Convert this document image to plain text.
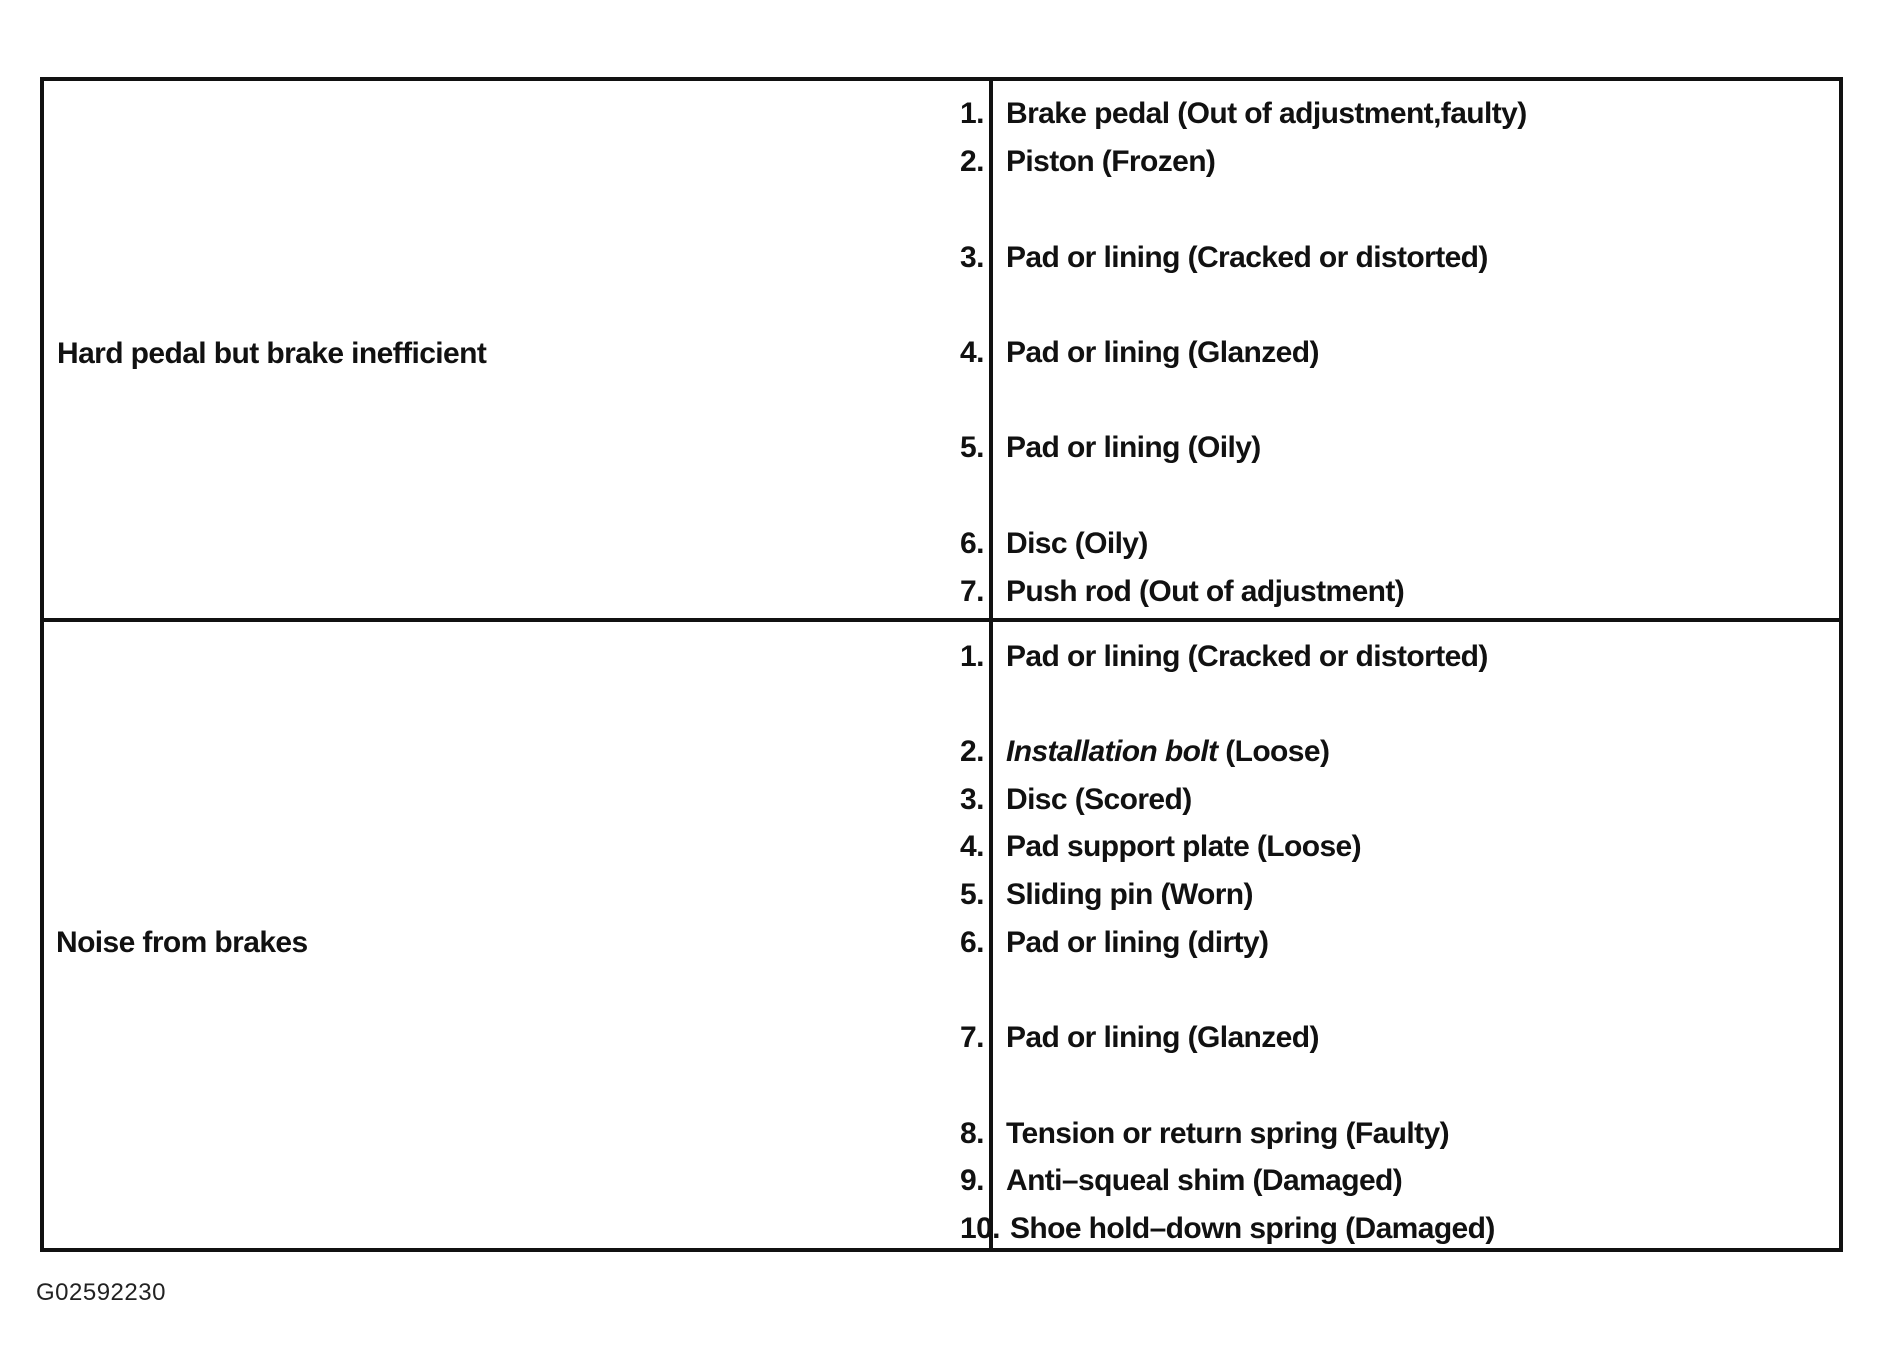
Hard pedal but brake inefficient
1. Brake pedal (Out of adjustment,faulty)
2. Piston (Frozen)
3. Pad or lining (Cracked or distorted)
4. Pad or lining (Glanzed)
5. Pad or lining (Oily)
6. Disc (Oily)
7. Push rod (Out of adjustment)
Noise from brakes
1. Pad or lining (Cracked or distorted)
2. Installation bolt (Loose)
3. Disc (Scored)
4. Pad support plate (Loose)
5. Sliding pin (Worn)
6. Pad or lining (dirty)
7. Pad or lining (Glanzed)
8. Tension or return spring (Faulty)
9. Anti–squeal shim (Damaged)
10. Shoe hold–down spring (Damaged)
G02592230
